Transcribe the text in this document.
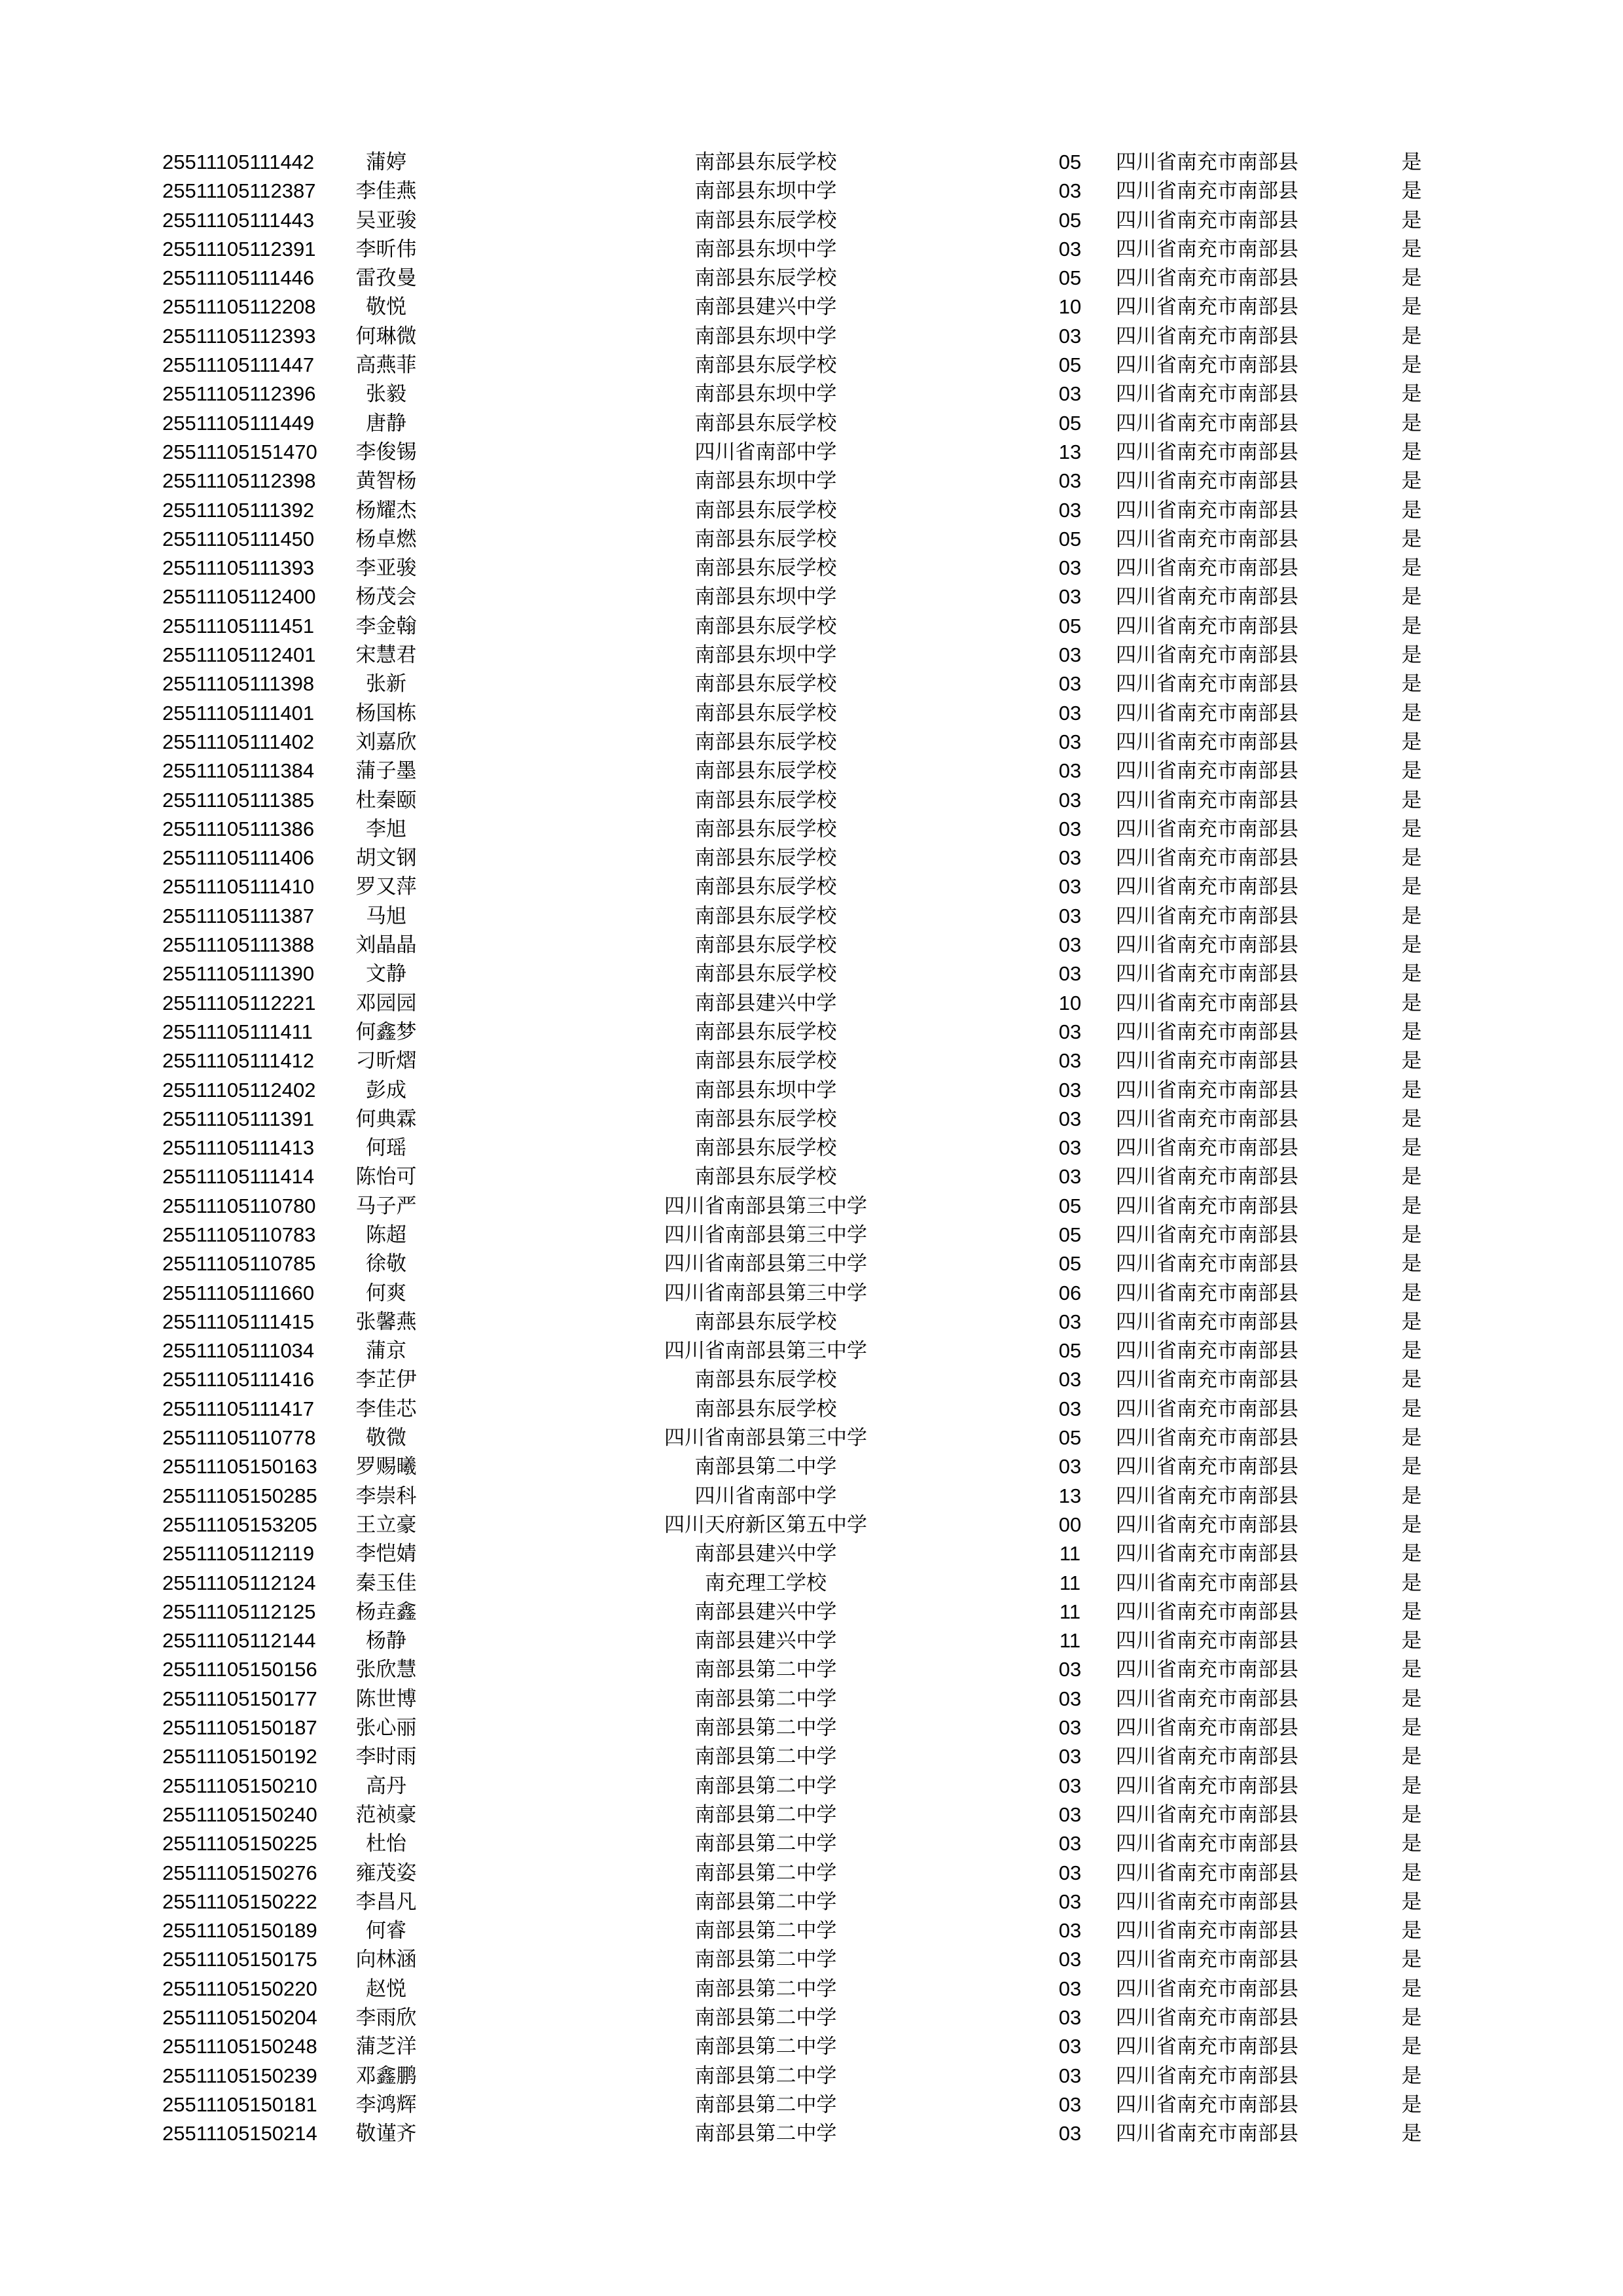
25511105111442	蒲婷	南部县东辰学校	05	四川省南充市南部县	是
25511105112387	李佳燕	南部县东坝中学	03	四川省南充市南部县	是
25511105111443	吴亚骏	南部县东辰学校	05	四川省南充市南部县	是
25511105112391	李昕伟	南部县东坝中学	03	四川省南充市南部县	是
25511105111446	雷孜曼	南部县东辰学校	05	四川省南充市南部县	是
25511105112208	敬悦	南部县建兴中学	10	四川省南充市南部县	是
25511105112393	何琳微	南部县东坝中学	03	四川省南充市南部县	是
25511105111447	高燕菲	南部县东辰学校	05	四川省南充市南部县	是
25511105112396	张毅	南部县东坝中学	03	四川省南充市南部县	是
25511105111449	唐静	南部县东辰学校	05	四川省南充市南部县	是
25511105151470	李俊锡	四川省南部中学	13	四川省南充市南部县	是
25511105112398	黄智杨	南部县东坝中学	03	四川省南充市南部县	是
25511105111392	杨耀杰	南部县东辰学校	03	四川省南充市南部县	是
25511105111450	杨卓燃	南部县东辰学校	05	四川省南充市南部县	是
25511105111393	李亚骏	南部县东辰学校	03	四川省南充市南部县	是
25511105112400	杨茂会	南部县东坝中学	03	四川省南充市南部县	是
25511105111451	李金翰	南部县东辰学校	05	四川省南充市南部县	是
25511105112401	宋慧君	南部县东坝中学	03	四川省南充市南部县	是
25511105111398	张新	南部县东辰学校	03	四川省南充市南部县	是
25511105111401	杨国栋	南部县东辰学校	03	四川省南充市南部县	是
25511105111402	刘嘉欣	南部县东辰学校	03	四川省南充市南部县	是
25511105111384	蒲子墨	南部县东辰学校	03	四川省南充市南部县	是
25511105111385	杜秦颐	南部县东辰学校	03	四川省南充市南部县	是
25511105111386	李旭	南部县东辰学校	03	四川省南充市南部县	是
25511105111406	胡文钢	南部县东辰学校	03	四川省南充市南部县	是
25511105111410	罗又萍	南部县东辰学校	03	四川省南充市南部县	是
25511105111387	马旭	南部县东辰学校	03	四川省南充市南部县	是
25511105111388	刘晶晶	南部县东辰学校	03	四川省南充市南部县	是
25511105111390	文静	南部县东辰学校	03	四川省南充市南部县	是
25511105112221	邓园园	南部县建兴中学	10	四川省南充市南部县	是
25511105111411	何鑫梦	南部县东辰学校	03	四川省南充市南部县	是
25511105111412	刁昕熠	南部县东辰学校	03	四川省南充市南部县	是
25511105112402	彭成	南部县东坝中学	03	四川省南充市南部县	是
25511105111391	何典霖	南部县东辰学校	03	四川省南充市南部县	是
25511105111413	何瑶	南部县东辰学校	03	四川省南充市南部县	是
25511105111414	陈怡可	南部县东辰学校	03	四川省南充市南部县	是
25511105110780	马子严	四川省南部县第三中学	05	四川省南充市南部县	是
25511105110783	陈超	四川省南部县第三中学	05	四川省南充市南部县	是
25511105110785	徐敬	四川省南部县第三中学	05	四川省南充市南部县	是
25511105111660	何爽	四川省南部县第三中学	06	四川省南充市南部县	是
25511105111415	张馨燕	南部县东辰学校	03	四川省南充市南部县	是
25511105111034	蒲京	四川省南部县第三中学	05	四川省南充市南部县	是
25511105111416	李芷伊	南部县东辰学校	03	四川省南充市南部县	是
25511105111417	李佳芯	南部县东辰学校	03	四川省南充市南部县	是
25511105110778	敬微	四川省南部县第三中学	05	四川省南充市南部县	是
25511105150163	罗赐曦	南部县第二中学	03	四川省南充市南部县	是
25511105150285	李崇科	四川省南部中学	13	四川省南充市南部县	是
25511105153205	王立豪	四川天府新区第五中学	00	四川省南充市南部县	是
25511105112119	李恺婧	南部县建兴中学	11	四川省南充市南部县	是
25511105112124	秦玉佳	南充理工学校	11	四川省南充市南部县	是
25511105112125	杨垚鑫	南部县建兴中学	11	四川省南充市南部县	是
25511105112144	杨静	南部县建兴中学	11	四川省南充市南部县	是
25511105150156	张欣慧	南部县第二中学	03	四川省南充市南部县	是
25511105150177	陈世博	南部县第二中学	03	四川省南充市南部县	是
25511105150187	张心丽	南部县第二中学	03	四川省南充市南部县	是
25511105150192	李时雨	南部县第二中学	03	四川省南充市南部县	是
25511105150210	高丹	南部县第二中学	03	四川省南充市南部县	是
25511105150240	范祯豪	南部县第二中学	03	四川省南充市南部县	是
25511105150225	杜怡	南部县第二中学	03	四川省南充市南部县	是
25511105150276	雍茂姿	南部县第二中学	03	四川省南充市南部县	是
25511105150222	李昌凡	南部县第二中学	03	四川省南充市南部县	是
25511105150189	何睿	南部县第二中学	03	四川省南充市南部县	是
25511105150175	向林涵	南部县第二中学	03	四川省南充市南部县	是
25511105150220	赵悦	南部县第二中学	03	四川省南充市南部县	是
25511105150204	李雨欣	南部县第二中学	03	四川省南充市南部县	是
25511105150248	蒲芝洋	南部县第二中学	03	四川省南充市南部县	是
25511105150239	邓鑫鹏	南部县第二中学	03	四川省南充市南部县	是
25511105150181	李鸿辉	南部县第二中学	03	四川省南充市南部县	是
25511105150214	敬谨齐	南部县第二中学	03	四川省南充市南部县	是
